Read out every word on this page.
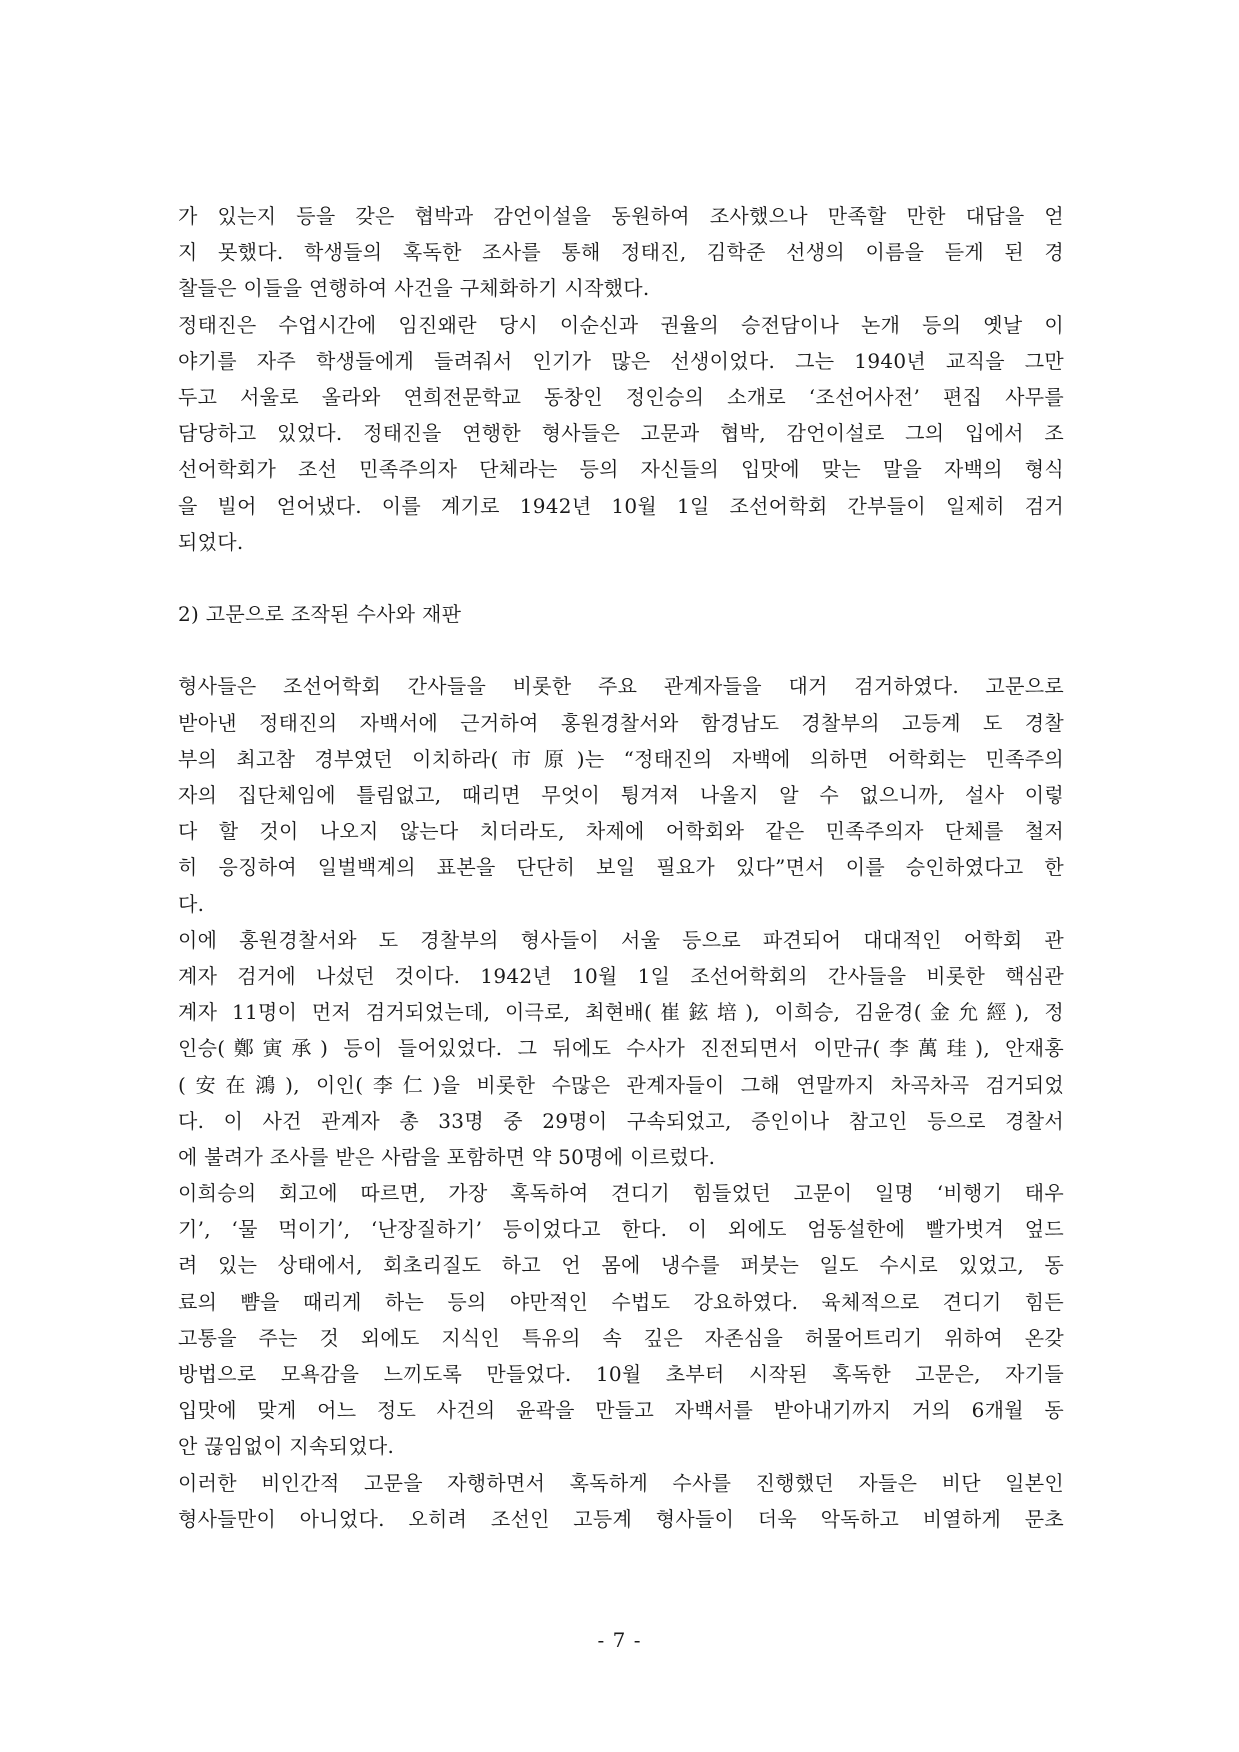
가 있는지 등을 갖은 협박과 감언이설을 동원하여 조사했으나 만족할 만한 대답을 얻
지 못했다. 학생들의 혹독한 조사를 통해 정태진, 김학준 선생의 이름을 듣게 된 경
찰들은 이들을 연행하여 사건을 구체화하기 시작했다.
정태진은 수업시간에 임진왜란 당시 이순신과 권율의 승전담이나 논개 등의 옛날 이
야기를 자주 학생들에게 들려줘서 인기가 많은 선생이었다. 그는 1940년 교직을 그만
두고 서울로 올라와 연희전문학교 동창인 정인승의 소개로 ‘조선어사전’ 편집 사무를
담당하고 있었다. 정태진을 연행한 형사들은 고문과 협박, 감언이설로 그의 입에서 조
선어학회가 조선 민족주의자 단체라는 등의 자신들의 입맛에 맞는 말을 자백의 형식
을 빌어 얻어냈다. 이를 계기로 1942년 10월 1일 조선어학회 간부들이 일제히 검거
되었다.
2) 고문으로 조작된 수사와 재판
형사들은 조선어학회 간사들을 비롯한 주요 관계자들을 대거 검거하였다. 고문으로
받아낸 정태진의 자백서에 근거하여 홍원경찰서와 함경남도 경찰부의 고등계 도 경찰
부의 최고참 경부였던 이치하라(市原)는 “정태진의 자백에 의하면 어학회는 민족주의
자의 집단체임에 틀림없고, 때리면 무엇이 튕겨져 나올지 알 수 없으니까, 설사 이렇
다 할 것이 나오지 않는다 치더라도, 차제에 어학회와 같은 민족주의자 단체를 철저
히 응징하여 일벌백계의 표본을 단단히 보일 필요가 있다”면서 이를 승인하였다고 한
다.
이에 홍원경찰서와 도 경찰부의 형사들이 서울 등으로 파견되어 대대적인 어학회 관
계자 검거에 나섰던 것이다. 1942년 10월 1일 조선어학회의 간사들을 비롯한 핵심관
계자 11명이 먼저 검거되었는데, 이극로, 최현배(崔鉉培), 이희승, 김윤경(金允經), 정
인승(鄭寅承) 등이 들어있었다. 그 뒤에도 수사가 진전되면서 이만규(李萬珪), 안재홍
(安在鴻), 이인(李仁)을 비롯한 수많은 관계자들이 그해 연말까지 차곡차곡 검거되었
다. 이 사건 관계자 총 33명 중 29명이 구속되었고, 증인이나 참고인 등으로 경찰서
에 불려가 조사를 받은 사람을 포함하면 약 50명에 이르렀다.
이희승의 회고에 따르면, 가장 혹독하여 견디기 힘들었던 고문이 일명 ‘비행기 태우
기’, ‘물 먹이기’, ‘난장질하기’ 등이었다고 한다. 이 외에도 엄동설한에 빨가벗겨 엎드
려 있는 상태에서, 회초리질도 하고 언 몸에 냉수를 퍼붓는 일도 수시로 있었고, 동
료의 뺨을 때리게 하는 등의 야만적인 수법도 강요하였다. 육체적으로 견디기 힘든
고통을 주는 것 외에도 지식인 특유의 속 깊은 자존심을 허물어트리기 위하여 온갖
방법으로 모욕감을 느끼도록 만들었다. 10월 초부터 시작된 혹독한 고문은, 자기들
입맛에 맞게 어느 정도 사건의 윤곽을 만들고 자백서를 받아내기까지 거의 6개월 동
안 끊임없이 지속되었다.
이러한 비인간적 고문을 자행하면서 혹독하게 수사를 진행했던 자들은 비단 일본인
형사들만이 아니었다. 오히려 조선인 고등계 형사들이 더욱 악독하고 비열하게 문초
- 7 -
